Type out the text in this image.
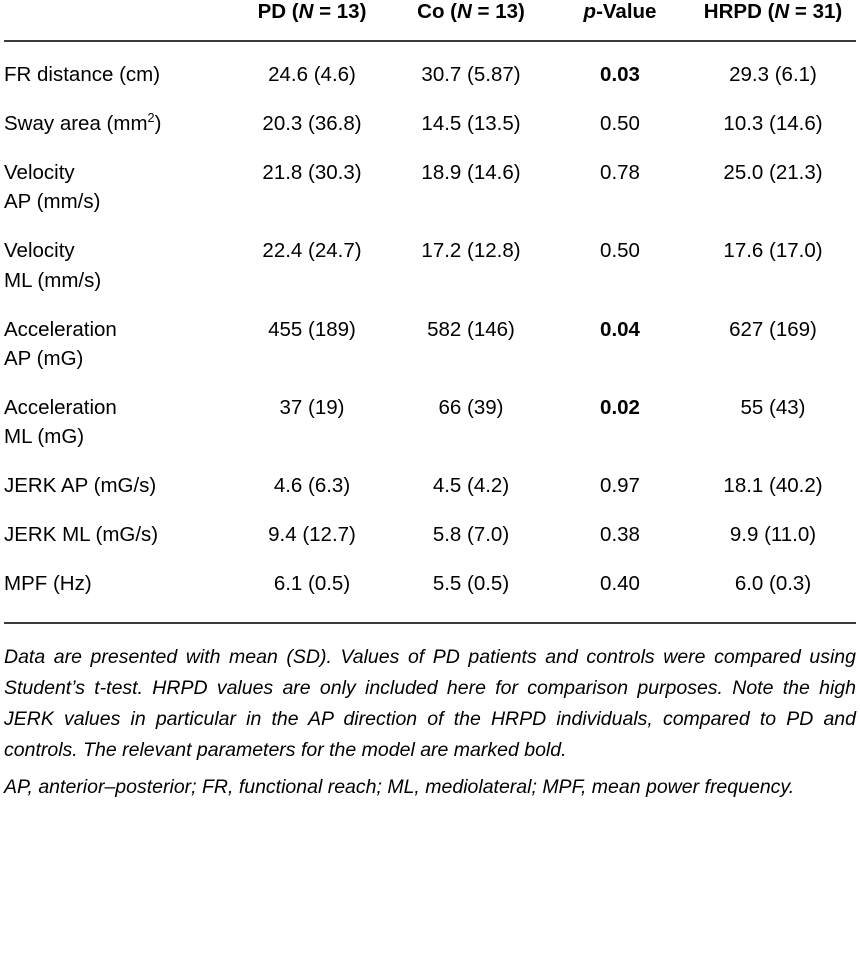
	PD (N = 13)	Co (N = 13)	p-Value	HRPD (N = 31)
FR distance (cm)	24.6 (4.6)	30.7 (5.87)	0.03	29.3 (6.1)
Sway area $(mm^2)$	20.3 (36.8)	14.5 (13.5)	0.50	10.3 (14.6)
Velocity
AP (mm/s)	21.8 (30.3)	18.9 (14.6)	0.78	25.0 (21.3)
Velocity
ML (mm/s)	22.4 (24.7)	17.2 (12.8)	0.50	17.6 (17.0)
Acceleration
AP (mG)	455 (189)	582 (146)	0.04	627 (169)
Acceleration
ML (mG)	37 (19)	66 (39)	0.02	55 (43)
JERK AP (mG/s)	4.6 (6.3)	4.5 (4.2)	0.97	18.1 (40.2)
JERK ML (mG/s)	9.4 (12.7)	5.8 (7.0)	0.38	9.9 (11.0)
MPF (Hz)	6.1 (0.5)	5.5 (0.5)	0.40	6.0 (0.3)

Data are presented with mean (SD). Values of PD patients and controls were compared using Student’s t-test. HRPD values are only included here for comparison purposes. Note the high JERK values in particular in the AP direction of the HRPD individuals, compared to PD and controls. The relevant parameters for the model are marked bold.

AP, anterior–posterior; FR, functional reach; ML, mediolateral; MPF, mean power frequency.
